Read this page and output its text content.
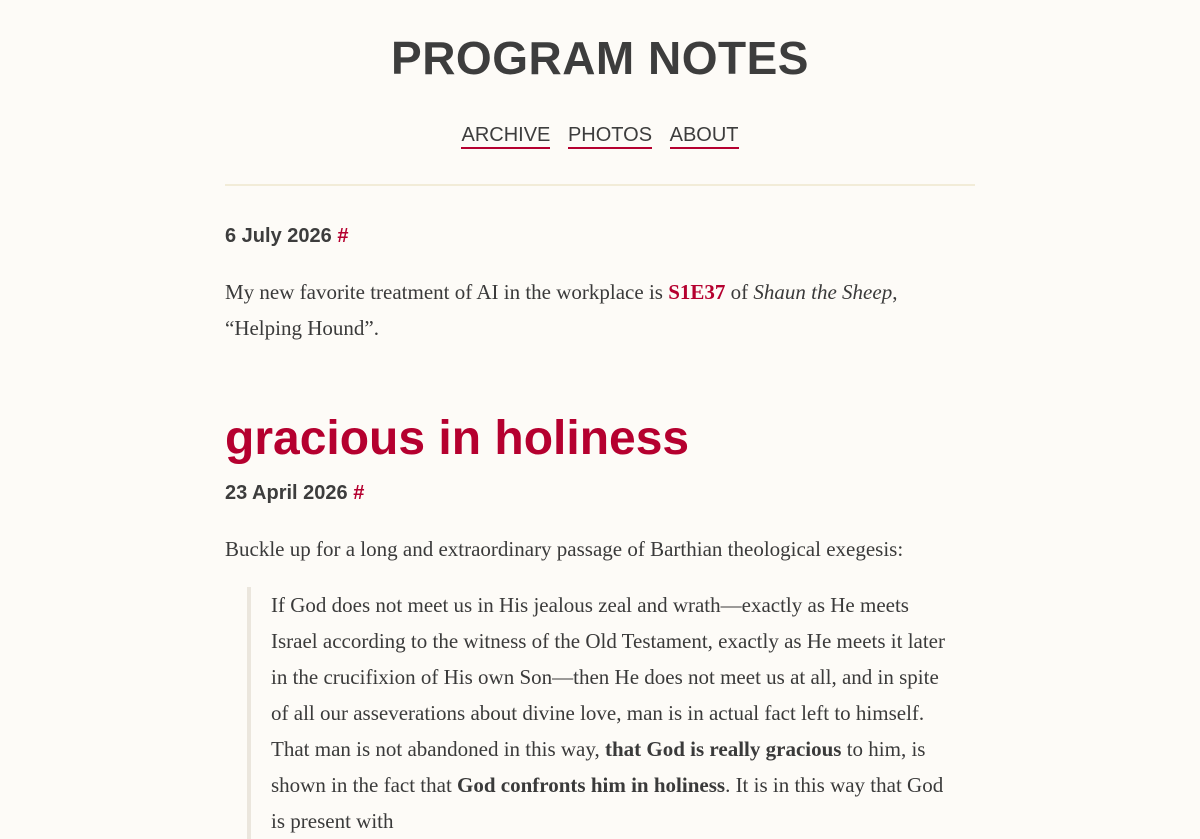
PROGRAM NOTES
ARCHIVE PHOTOS ABOUT
6 July 2026 #

My new favorite treatment of AI in the workplace is S1E37 of Shaun the Sheep, “Helping Hound”.

gracious in holiness
23 April 2026 #

Buckle up for a long and extraordinary passage of Barthian theological exegesis:

If God does not meet us in His jealous zeal and wrath—exactly as He meets Israel according to the witness of the Old Testament, exactly as He meets it later in the crucifixion of His own Son—then He does not meet us at all, and in spite of all our asseverations about divine love, man is in actual fact left to himself. That man is not abandoned in this way, that God is really gracious to him, is shown in the fact that God confronts him in holiness. It is in this way that God is present with
